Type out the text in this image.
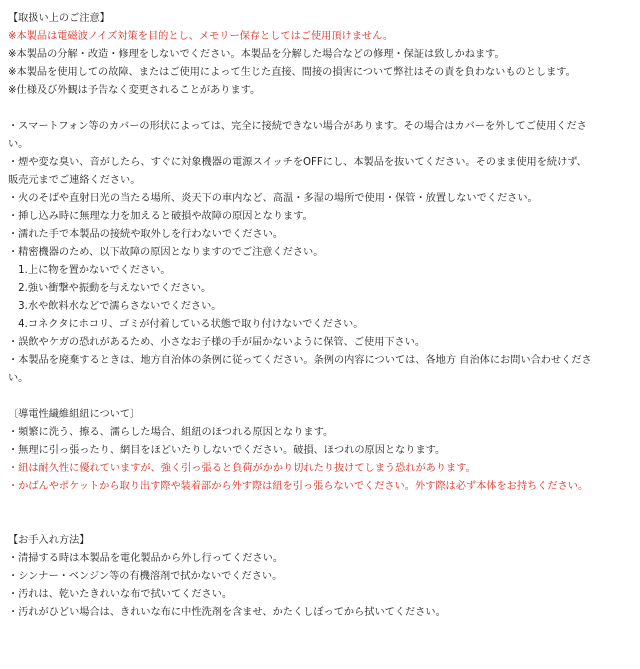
【取扱い上のご注意】
※本製品は電磁波ノイズ対策を目的とし、メモリー保存としてはご使用頂けません。
※本製品の分解・改造・修理をしないでください。本製品を分解した場合などの修理・保証は致しかねます。
※本製品を使用しての故障、またはご使用によって生じた直接、間接の損害について弊社はその責を負わないものとします。
※仕様及び外観は予告なく変更されることがあります。
・スマートフォン等のカバーの形状によっては、完全に接続できない場合があります。その場合はカバーを外してご使用くださ
い。
・煙や変な臭い、音がしたら、すぐに対象機器の電源スイッチをOFFにし、本製品を抜いてください。そのまま使用を続けず、
販売元までご連絡ください。
・火のそばや直射日光の当たる場所、炎天下の車内など、高温・多湿の場所で使用・保管・放置しないでください。
・挿し込み時に無理な力を加えると破損や故障の原因となります。
・濡れた手で本製品の接続や取外しを行わないでください。
・精密機器のため、以下故障の原因となりますのでご注意ください。
　1.上に物を置かないでください。
　2.強い衝撃や振動を与えないでください。
　3.水や飲料水などで濡らさないでください。
　4.コネクタにホコリ、ゴミが付着している状態で取り付けないでください。
・誤飲やケガの恐れがあるため、小さなお子様の手が届かないように保管、ご使用下さい。
・本製品を廃棄するときは、地方自治体の条例に従ってください。条例の内容については、各地方 自治体にお問い合わせくださ
い。
〔導電性繊維組紐について〕
・頻繁に洗う、擦る、濡らした場合、組紐のほつれる原因となります。
・無理に引っ張ったり、網目をほどいたりしないでください。破損、ほつれの原因となります。
・紐は耐久性に優れていますが、強く引っ張ると負荷がかかり切れたり抜けてしまう恐れがあります。
・かばんやポケットから取り出す際や装着部から外す際は紐を引っ張らないでください。外す際は必ず本体をお持ちください。
【お手入れ方法】
・清掃する時は本製品を電化製品から外し行ってください。
・シンナー・ベンジン等の有機溶剤で拭かないでください。
・汚れは、乾いたきれいな布で拭いてください。
・汚れがひどい場合は、きれいな布に中性洗剤を含ませ、かたくしぼってから拭いてください。
